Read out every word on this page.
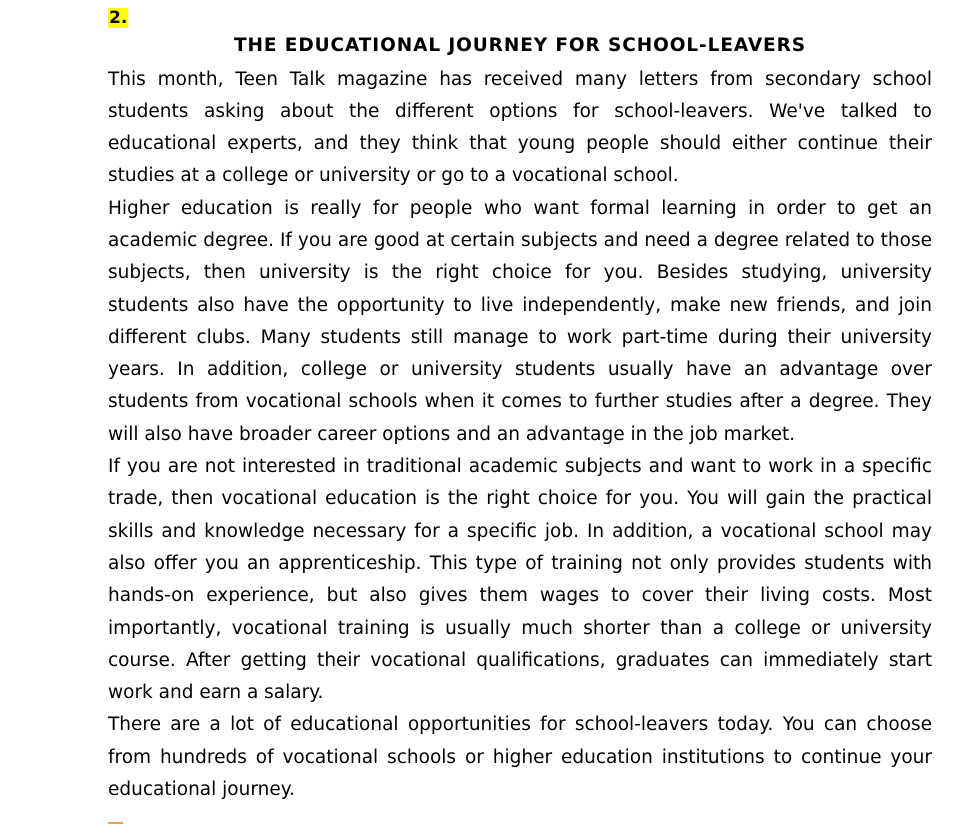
2.
THE EDUCATIONAL JOURNEY FOR SCHOOL-LEAVERS

This month, Teen Talk magazine has received many letters from secondary school students asking about the different options for school-leavers. We've talked to educational experts, and they think that young people should either continue their studies at a college or university or go to a vocational school.

Higher education is really for people who want formal learning in order to get an academic degree. If you are good at certain subjects and need a degree related to those subjects, then university is the right choice for you. Besides studying, university students also have the opportunity to live independently, make new friends, and join different clubs. Many students still manage to work part-time during their university years. In addition, college or university students usually have an advantage over students from vocational schools when it comes to further studies after a degree. They will also have broader career options and an advantage in the job market.

If you are not interested in traditional academic subjects and want to work in a specific trade, then vocational education is the right choice for you. You will gain the practical skills and knowledge necessary for a specific job. In addition, a vocational school may also offer you an apprenticeship. This type of training not only provides students with hands-on experience, but also gives them wages to cover their living costs. Most importantly, vocational training is usually much shorter than a college or university course. After getting their vocational qualifications, graduates can immediately start work and earn a salary.

There are a lot of educational opportunities for school-leavers today. You can choose from hundreds of vocational schools or higher education institutions to continue your educational journey.
